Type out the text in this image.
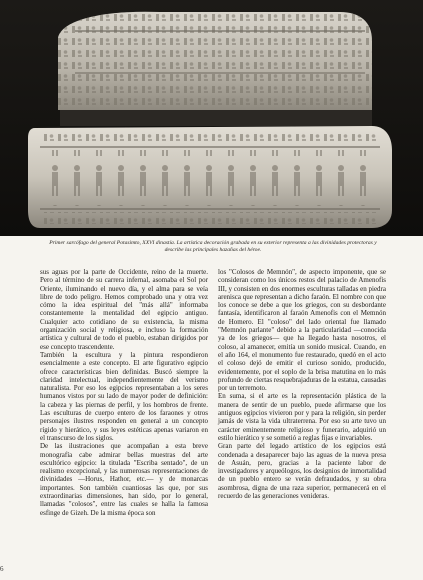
Primer sarcófago del general Potasimto, XXVI dinastía. La artística decoración grabada en su exterior representa a las divinidades protectoras y describe las principales hazañas del héroe.

sus aguas por la parte de Occidente, reino de la muerte. Pero al término de su carrera infernal, asomaba el Sol por Oriente, iluminando el nuevo día, y el alma para se veía libre de todo peligro. Hemos comprobado una y otra vez cómo la idea espiritual del "más allá" informaba constantemente la mentalidad del egipcio antiguo. Cualquier acto cotidiano de su existencia, la misma organización social y religiosa, e incluso la formación artística y cultural de todo el pueblo, estaban dirigidos por ese concepto trascendente.

También la escultura y la pintura respondieron esencialmente a este concepto. El arte figurativo egipcio ofrece características bien definidas. Buscó siempre la claridad intelectual, independientemente del verismo naturalista. Por eso los egipcios representaban a los seres humanos vistos por su lado de mayor poder de definición: la cabeza y las piernas de perfil, y los hombros de frente. Las esculturas de cuerpo entero de los faraones y otros personajes ilustres responden en general a un concepto rígido y hierático, y sus leyes estéticas apenas variaron en el transcurso de los siglos.

De las ilustraciones que acompañan a esta breve monografía cabe admirar bellas muestras del arte escultórico egipcio: la titulada "Escriba sentado", de un realismo excepcional, y las numerosas representaciones de divinidades —Horus, Hathor, etc.— y de monarcas importantes. Son también cuantiosas las que, por sus extraordinarias dimensiones, han sido, por lo general, llamadas "colosos", entre las cuales se halla la famosa esfinge de Gizeh. De la misma época son

los "Colosos de Memnón", de aspecto imponente, que se consideran como los únicos restos del palacio de Amenofis III, y consisten en dos enormes esculturas talladas en piedra arenisca que representan a dicho faraón. El nombre con que los conoce se debe a que los griegos, con su desbordante fantasía, identificaron al faraón Amenofis con el Memnón de Homero. El "coloso" del lado oriental fue llamado "Memnón parlante" debido a la particularidad —conocida ya de los griegos— que ha llegado hasta nosotros, el coloso, al amanecer, emitía un sonido musical. Cuando, en el año 164, el monumento fue restaurado, quedó en el acto el coloso dejó de emitir el curioso sonido, producido, evidentemente, por el soplo de la brisa matutina en lo más profundo de ciertas resquebrajaduras de la estatua, causadas por un terremoto.

En suma, si el arte es la representación plástica de la manera de sentir de un pueblo, puede afirmarse que los antiguos egipcios vivieron por y para la religión, sin perder jamás de vista la vida ultraterrena. Por eso su arte tuvo un carácter eminentemente religioso y funerario, adquirió un estilo hierático y se sometió a reglas fijas e invariables.

Gran parte del legado artístico de los egipcios está condenada a desaparecer bajo las aguas de la nueva presa de Asuán, pero, gracias a la paciente labor de investigadores y arqueólogos, los designios de inmortalidad de un pueblo entero se verán defraudados, y su obra asombrosa, digna de una raza superior, permanecerá en el recuerdo de las generaciones venideras.

6
